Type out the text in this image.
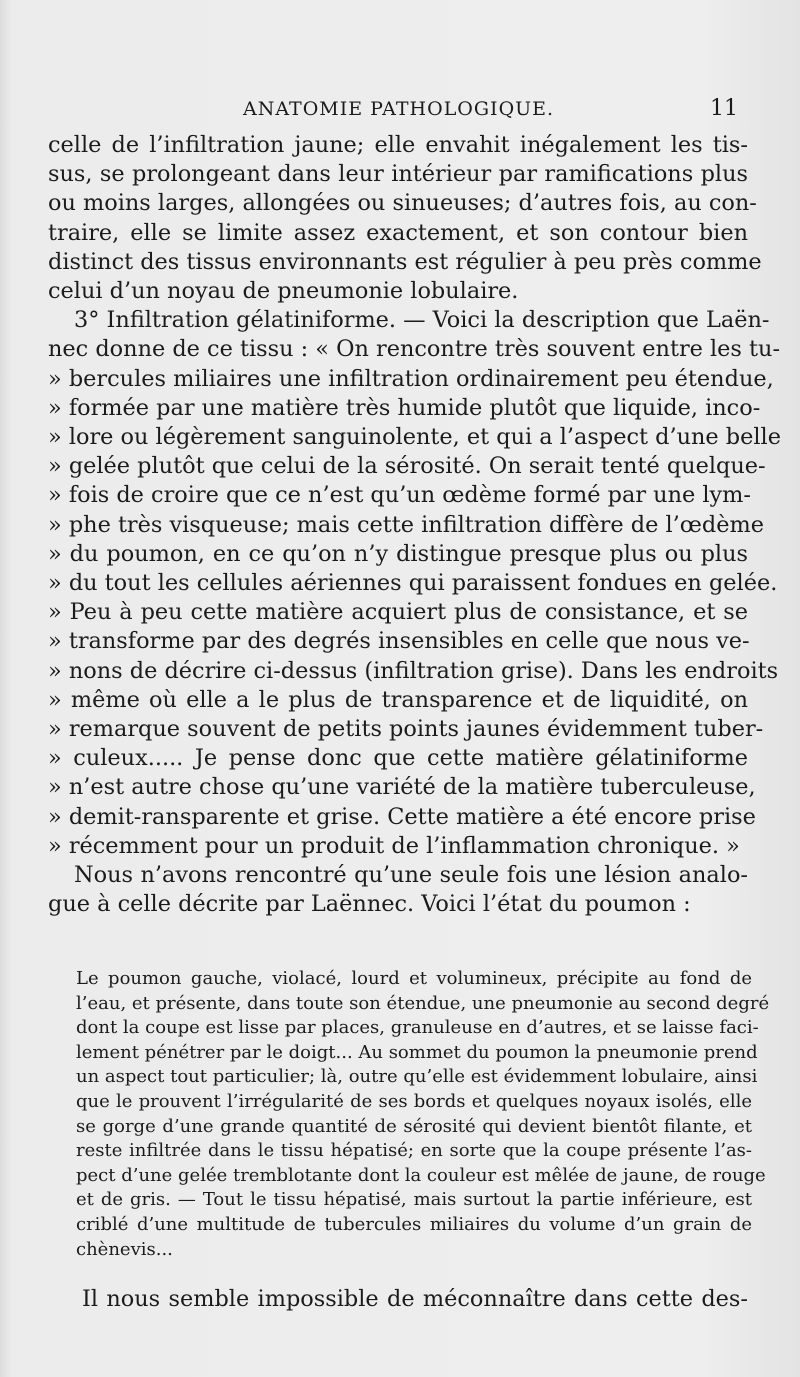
ANATOMIE PATHOLOGIQUE.	11
celle de l’infiltration jaune; elle envahit inégalement les tis-
sus, se prolongeant dans leur intérieur par ramifications plus
ou moins larges, allongées ou sinueuses; d’autres fois, au con-
traire, elle se limite assez exactement, et son contour bien
distinct des tissus environnants est régulier à peu près comme
celui d’un noyau de pneumonie lobulaire.
3° Infiltration gélatiniforme. — Voici la description que Laën-
nec donne de ce tissu : « On rencontre très souvent entre les tu-
» bercules miliaires une infiltration ordinairement peu étendue,
» formée par une matière très humide plutôt que liquide, inco-
» lore ou légèrement sanguinolente, et qui a l’aspect d’une belle
» gelée plutôt que celui de la sérosité. On serait tenté quelque-
» fois de croire que ce n’est qu’un œdème formé par une lym-
» phe très visqueuse; mais cette infiltration diffère de l’œdème
» du poumon, en ce qu’on n’y distingue presque plus ou plus
» du tout les cellules aériennes qui paraissent fondues en gelée.
» Peu à peu cette matière acquiert plus de consistance, et se
» transforme par des degrés insensibles en celle que nous ve-
» nons de décrire ci-dessus (infiltration grise). Dans les endroits
» même où elle a le plus de transparence et de liquidité, on
» remarque souvent de petits points jaunes évidemment tuber-
» culeux..... Je pense donc que cette matière gélatiniforme
» n’est autre chose qu’une variété de la matière tuberculeuse,
» demit-ransparente et grise. Cette matière a été encore prise
» récemment pour un produit de l’inflammation chronique. »
Nous n’avons rencontré qu’une seule fois une lésion analo-
gue à celle décrite par Laënnec. Voici l’état du poumon :
Le poumon gauche, violacé, lourd et volumineux, précipite au fond de
l’eau, et présente, dans toute son étendue, une pneumonie au second degré
dont la coupe est lisse par places, granuleuse en d’autres, et se laisse faci-
lement pénétrer par le doigt... Au sommet du poumon la pneumonie prend
un aspect tout particulier; là, outre qu’elle est évidemment lobulaire, ainsi
que le prouvent l’irrégularité de ses bords et quelques noyaux isolés, elle
se gorge d’une grande quantité de sérosité qui devient bientôt filante, et
reste infiltrée dans le tissu hépatisé; en sorte que la coupe présente l’as-
pect d’une gelée tremblotante dont la couleur est mêlée de jaune, de rouge
et de gris. — Tout le tissu hépatisé, mais surtout la partie inférieure, est
criblé d’une multitude de tubercules miliaires du volume d’un grain de
chènevis...
Il nous semble impossible de méconnaître dans cette des-
